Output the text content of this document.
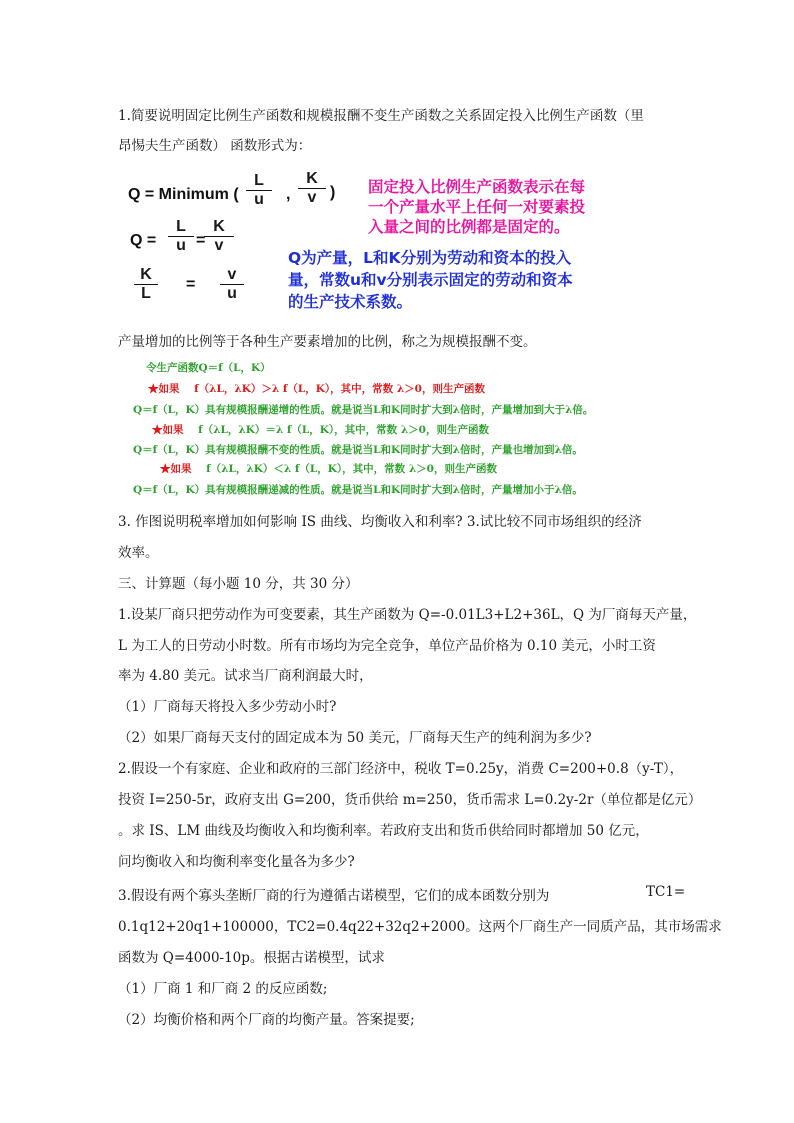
1.简要说明固定比例生产函数和规模报酬不变生产函数之关系固定投入比例生产函数（里
昂惕夫生产函数） 函数形式为：
Q = Minimum ( $\frac{L}{u}$ , $\frac{K}{v}$ )
$Q = \frac{L}{u}$ =
$\frac{K}{v}$
$\frac{K}{L} = \frac{v}{u}$
固定投入比例生产函数表示在每一个产量水平上任何一对要素投入量之间的比例都是固定的。
Q为产量，L和K分别为劳动和资本的投入量，常数u和v分别表示固定的劳动和资本的生产技术系数。
产量增加的比例等于各种生产要素增加的比例，称之为规模报酬不变。
令生产函数Q＝f（L，K）
★如果 f（λL，λK）＞λ f（L，K），其中，常数 λ＞0，则生产函数
Q＝f（L，K）具有规模报酬递增的性质。就是说当L和K同时扩大到λ倍时，产量增加到大于λ倍。
★如果 f（λL，λK）＝λ f（L，K），其中，常数 λ＞0，则生产函数
Q＝f（L，K）具有规模报酬不变的性质。就是说当L和K同时扩大到λ倍时，产量也增加到λ倍。
★如果 f（λL，λK）＜λ f（L，K），其中，常数 λ＞0，则生产函数
Q＝f（L，K）具有规模报酬递减的性质。就是说当L和K同时扩大到λ倍时，产量增加小于λ倍。
3. 作图说明税率增加如何影响 IS 曲线、均衡收入和利率? 3.试比较不同市场组织的经济
效率。
三、计算题（每小题 10 分，共 30 分）
1.设某厂商只把劳动作为可变要素，其生产函数为 Q=-0.01L3+L2+36L，Q 为厂商每天产量，
L 为工人的日劳动小时数。所有市场均为完全竞争，单位产品价格为 0.10 美元，小时工资
率为 4.80 美元。试求当厂商利润最大时，
（1）厂商每天将投入多少劳动小时?
（2）如果厂商每天支付的固定成本为 50 美元，厂商每天生产的纯利润为多少?
2.假设一个有家庭、企业和政府的三部门经济中，税收 T=0.25y，消费 C=200+0.8（y-T），
投资 I=250-5r，政府支出 G=200，货币供给 m=250，货币需求 L=0.2y-2r（单位都是亿元）
。求 IS、LM 曲线及均衡收入和均衡利率。若政府支出和货币供给同时都增加 50 亿元，
问均衡收入和均衡利率变化量各为多少?
3.假设有两个寡头垄断厂商的行为遵循古诺模型，它们的成本函数分别为	TC1=
0.1q12+20q1+100000，TC2=0.4q22+32q2+2000。这两个厂商生产一同质产品，其市场需求
函数为 Q=4000-10p。根据古诺模型，试求
（1）厂商 1 和厂商 2 的反应函数;
（2）均衡价格和两个厂商的均衡产量。答案提要;
